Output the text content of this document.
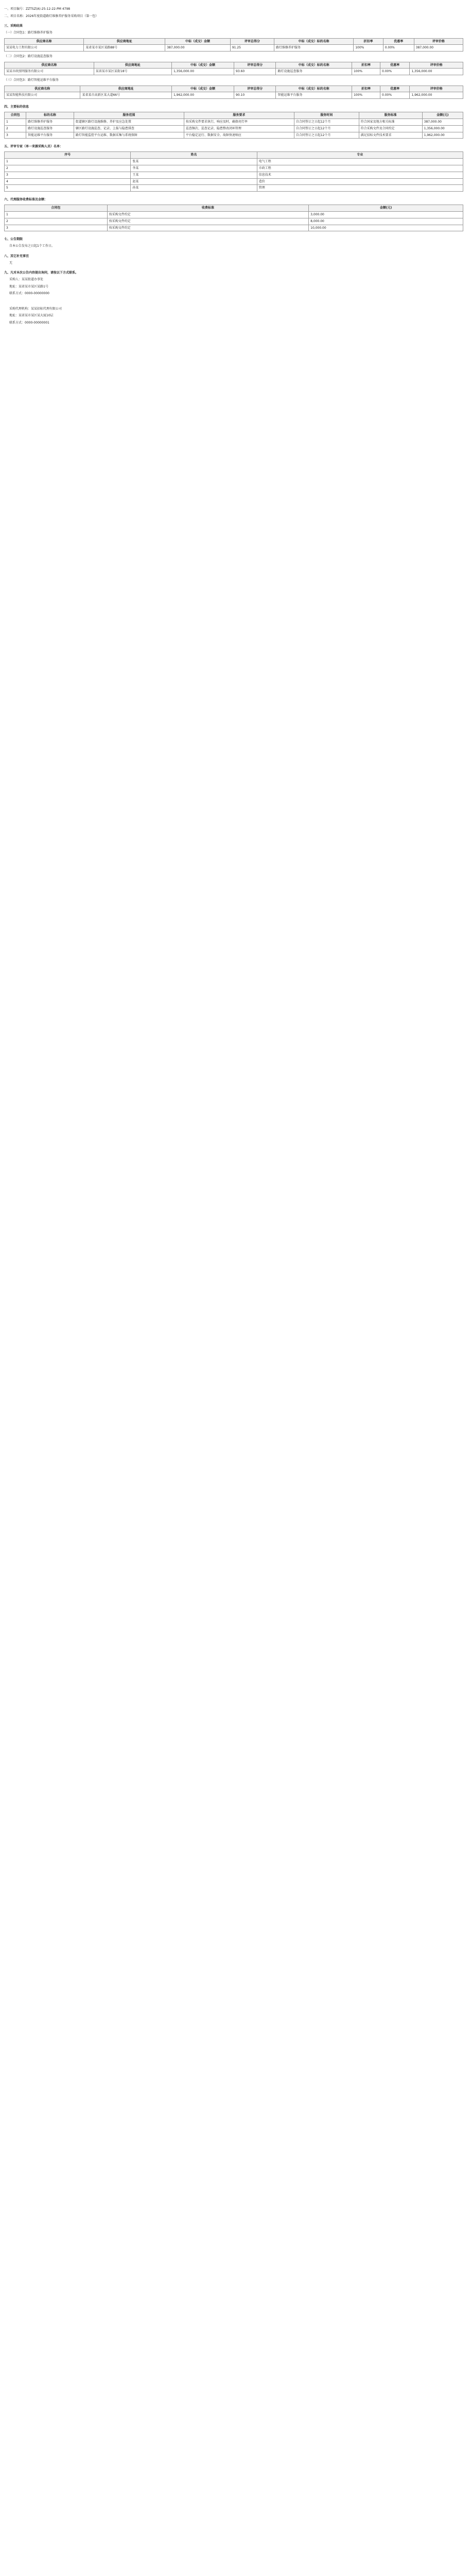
一、项目编号：ZZTSZ(A)-25-12-22-PM 4798
二、项目名称：2026年度街道路灯维修养护服务采购项目（第一包）
三、采购结果
（一）合同包1：路灯维修养护服务
供应商名称	供应商地址	中标（成交）金额	评审总得分	中标（成交）标的名称	折扣率	优惠率	评审价格
某某电力工程有限公司	某省某市某区某路88号	387,000.00	91.25	路灯维修养护服务	100%	0.00%	387,000.00
（二）合同包2：路灯设施巡查服务
供应商名称	供应商地址	中标（成交）金额	评审总得分	中标（成交）标的名称	折扣率	优惠率	评审价格
某某市政照明服务有限公司	某省某市某区某街18号	1,356,000.00	93.60	路灯设施巡查服务	100%	0.00%	1,356,000.00
（三）合同包3：路灯智能运维平台服务
供应商名称	供应商地址	中标（成交）金额	评审总得分	中标（成交）标的名称	折扣率	优惠率	评审价格
某某智能科技有限公司	某省某市高新区某大道66号	1,962,000.00	90.10	智能运维平台服务	100%	0.00%	1,962,000.00
四、主要标的信息
合同包	标的名称	服务范围	服务要求	服务时间	服务标准	金额(元)
1	路灯维修养护服务	街道辖区路灯设施维修、养护及应急处置	按采购文件要求执行，响应及时，确保亮灯率	自合同签订之日起12个月	符合国家及地方相关标准	387,000.00
2	路灯设施巡查服务	辖区路灯设施巡查、记录、上报与隐患排查	巡查频次、巡查记录、隐患整改闭环管理	自合同签订之日起12个月	符合采购文件及合同约定	1,356,000.00
3	智能运维平台服务	路灯智能监控平台运维、数据采集与系统保障	平台稳定运行、数据安全、故障快速响应	自合同签订之日起12个月	满足招标文件技术要求	1,962,000.00
五、评审专家（单一来源采购人员）名单：
序号	姓名	专业
1	张某	电气工程
2	李某	市政工程
3	王某	信息技术
4	赵某	造价
5	孙某	管理
六、代理服务收费标准及金额：
合同包	收费标准	金额(元)
1	按采购文件约定	3,000.00
2	按采购文件约定	8,000.00
3	按采购文件约定	10,000.00
七、公告期限
自本公告发布之日起1个工作日。
八、其它补充事宜
无
九、凡对本次公告内容提出询问，请按以下方式联系。
采购人：某某街道办事处
地址：某省某市某区某路1号
联系方式：0000-00000000
采购代理机构：某某招标代理有限公司
地址：某省某市某区某大厦10层
联系方式：0000-00000001
